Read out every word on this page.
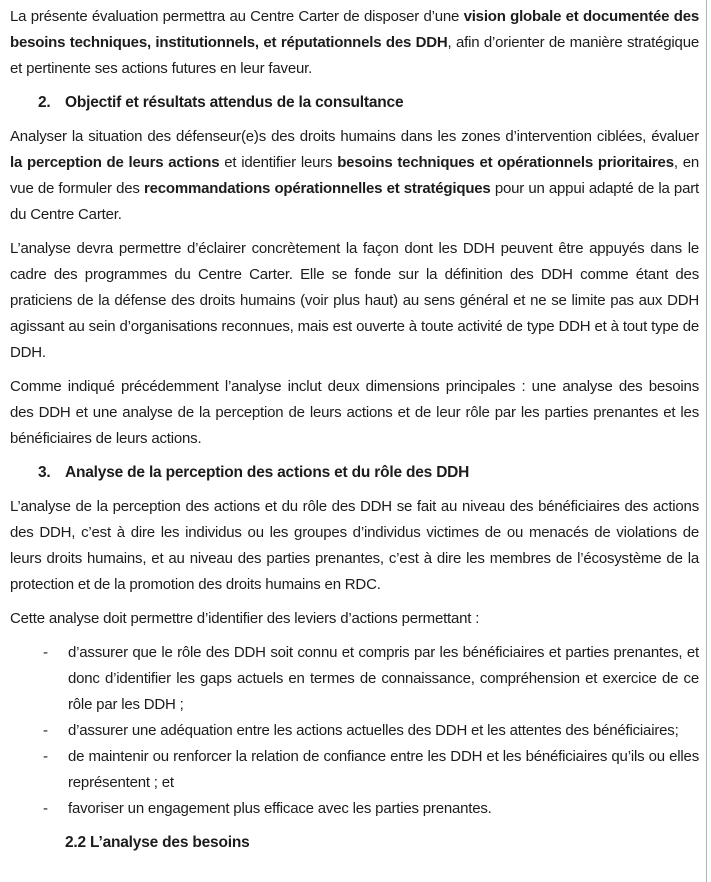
La présente évaluation permettra au Centre Carter de disposer d’une vision globale et documentée des besoins techniques, institutionnels, et réputationnels des DDH, afin d’orienter de manière stratégique et pertinente ses actions futures en leur faveur.

2. Objectif et résultats attendus de la consultance

Analyser la situation des défenseur(e)s des droits humains dans les zones d’intervention ciblées, évaluer la perception de leurs actions et identifier leurs besoins techniques et opérationnels prioritaires, en vue de formuler des recommandations opérationnelles et stratégiques pour un appui adapté de la part du Centre Carter.

L’analyse devra permettre d’éclairer concrètement la façon dont les DDH peuvent être appuyés dans le cadre des programmes du Centre Carter. Elle se fonde sur la définition des DDH comme étant des praticiens de la défense des droits humains (voir plus haut) au sens général et ne se limite pas aux DDH agissant au sein d’organisations reconnues, mais est ouverte à toute activité de type DDH et à tout type de DDH.

Comme indiqué précédemment l’analyse inclut deux dimensions principales : une analyse des besoins des DDH et une analyse de la perception de leurs actions et de leur rôle par les parties prenantes et les bénéficiaires de leurs actions.

3. Analyse de la perception des actions et du rôle des DDH

L’analyse de la perception des actions et du rôle des DDH se fait au niveau des bénéficiaires des actions des DDH, c’est à dire les individus ou les groupes d’individus victimes de ou menacés de violations de leurs droits humains, et au niveau des parties prenantes, c’est à dire les membres de l’écosystème de la protection et de la promotion des droits humains en RDC.

Cette analyse doit permettre d’identifier des leviers d’actions permettant :

-	d’assurer que le rôle des DDH soit connu et compris par les bénéficiaires et parties prenantes, et donc d’identifier les gaps actuels en termes de connaissance, compréhension et exercice de ce rôle par les DDH ;
-	d’assurer une adéquation entre les actions actuelles des DDH et les attentes des bénéficiaires;
-	de maintenir ou renforcer la relation de confiance entre les DDH et les bénéficiaires qu’ils ou elles représentent ; et
-	favoriser un engagement plus efficace avec les parties prenantes.
2.2 L’analyse des besoins
